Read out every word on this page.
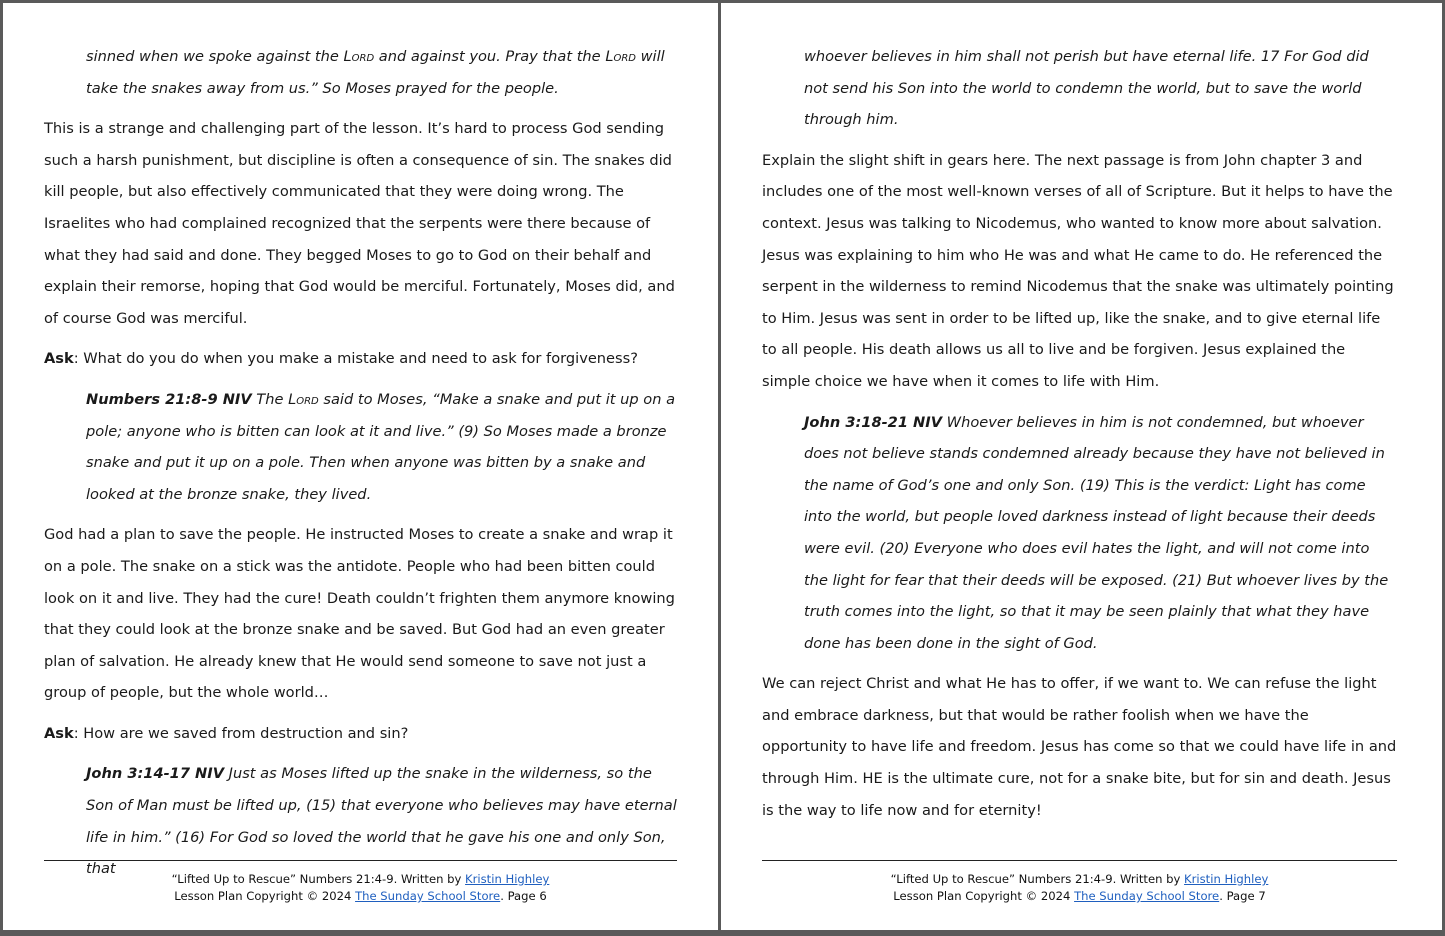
sinned when we spoke against the Lord and against you. Pray that the Lord will take the snakes away from us.” So Moses prayed for the people.

This is a strange and challenging part of the lesson. It’s hard to process God sending such a harsh punishment, but discipline is often a consequence of sin. The snakes did kill people, but also effectively communicated that they were doing wrong. The Israelites who had complained recognized that the serpents were there because of what they had said and done. They begged Moses to go to God on their behalf and explain their remorse, hoping that God would be merciful. Fortunately, Moses did, and of course God was merciful.

Ask: What do you do when you make a mistake and need to ask for forgiveness?

Numbers 21:8-9 NIV The Lord said to Moses, “Make a snake and put it up on a pole; anyone who is bitten can look at it and live.” (9) So Moses made a bronze snake and put it up on a pole. Then when anyone was bitten by a snake and looked at the bronze snake, they lived.

God had a plan to save the people. He instructed Moses to create a snake and wrap it on a pole. The snake on a stick was the antidote. People who had been bitten could look on it and live. They had the cure! Death couldn’t frighten them anymore knowing that they could look at the bronze snake and be saved. But God had an even greater plan of salvation. He already knew that He would send someone to save not just a group of people, but the whole world…

Ask: How are we saved from destruction and sin?

John 3:14-17 NIV Just as Moses lifted up the snake in the wilderness, so the Son of Man must be lifted up, (15) that everyone who believes may have eternal life in him.” (16) For God so loved the world that he gave his one and only Son, that

“Lifted Up to Rescue” Numbers 21:4-9. Written by Kristin Highley
Lesson Plan Copyright © 2024 The Sunday School Store. Page 6

whoever believes in him shall not perish but have eternal life. 17 For God did not send his Son into the world to condemn the world, but to save the world through him.

Explain the slight shift in gears here. The next passage is from John chapter 3 and includes one of the most well-known verses of all of Scripture. But it helps to have the context. Jesus was talking to Nicodemus, who wanted to know more about salvation. Jesus was explaining to him who He was and what He came to do. He referenced the serpent in the wilderness to remind Nicodemus that the snake was ultimately pointing to Him. Jesus was sent in order to be lifted up, like the snake, and to give eternal life to all people. His death allows us all to live and be forgiven. Jesus explained the simple choice we have when it comes to life with Him.

John 3:18-21 NIV Whoever believes in him is not condemned, but whoever does not believe stands condemned already because they have not believed in the name of God’s one and only Son. (19) This is the verdict: Light has come into the world, but people loved darkness instead of light because their deeds were evil. (20) Everyone who does evil hates the light, and will not come into the light for fear that their deeds will be exposed. (21) But whoever lives by the truth comes into the light, so that it may be seen plainly that what they have done has been done in the sight of God.

We can reject Christ and what He has to offer, if we want to. We can refuse the light and embrace darkness, but that would be rather foolish when we have the opportunity to have life and freedom. Jesus has come so that we could have life in and through Him. HE is the ultimate cure, not for a snake bite, but for sin and death. Jesus is the way to life now and for eternity!

“Lifted Up to Rescue” Numbers 21:4-9. Written by Kristin Highley
Lesson Plan Copyright © 2024 The Sunday School Store. Page 7
